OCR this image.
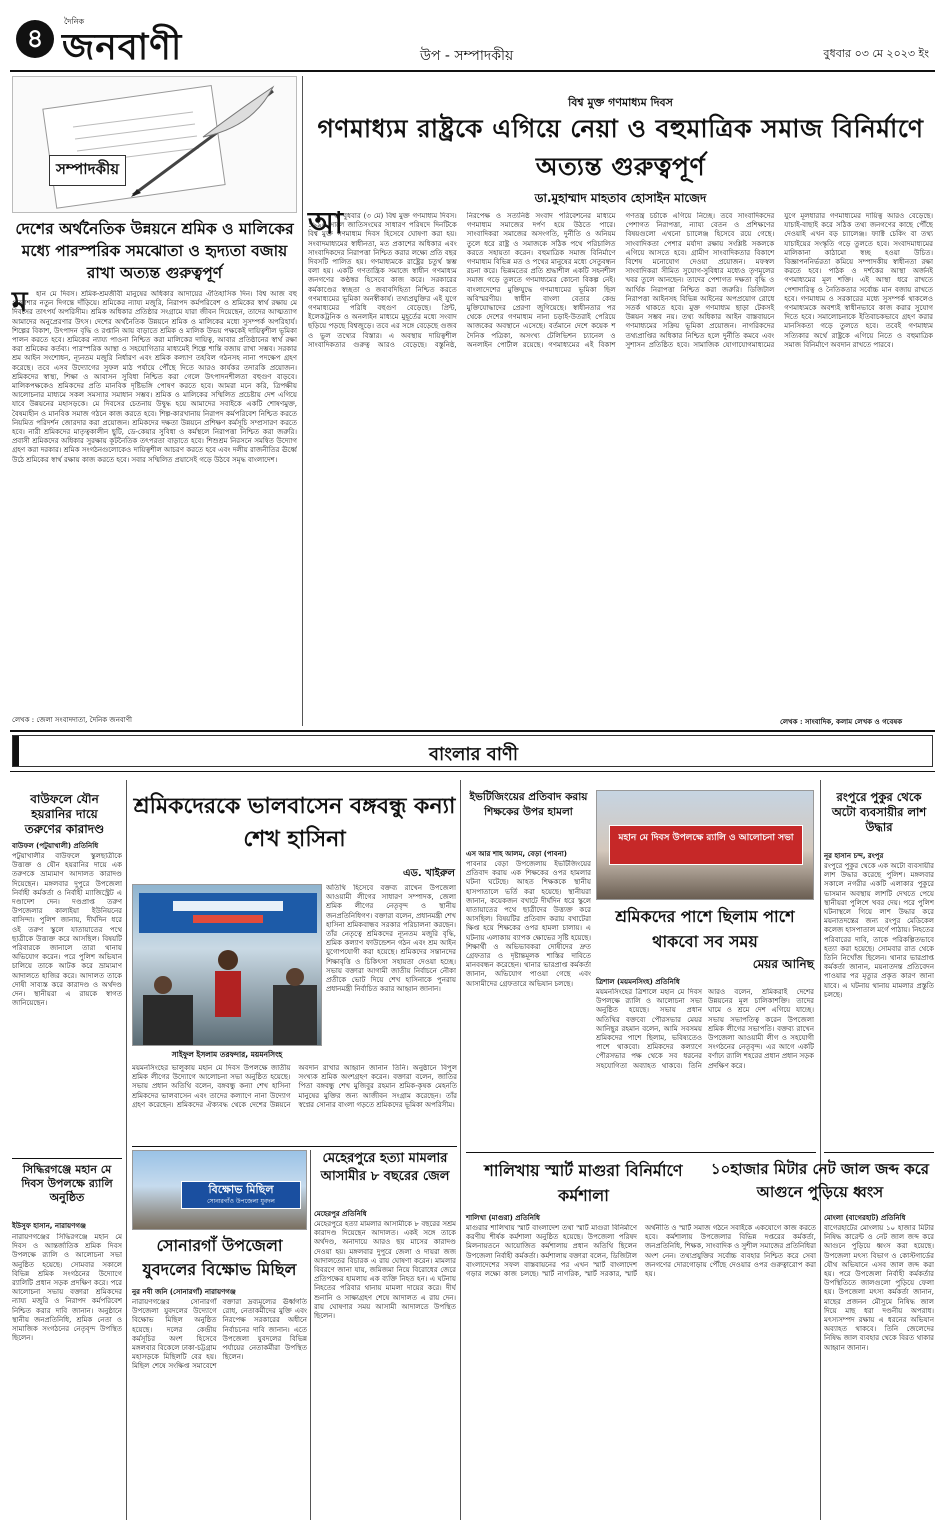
৪
দৈনিক
জনবাণী	উপ - সম্পাদকীয়	বুধবার ০৩ মে ২০২৩ ইং
সম্পাদকীয়
দেশের অর্থনৈতিক উন্নয়নে শ্রমিক ও মালিকের মধ্যে পারস্পরিক সমঝোতা ও হৃদ্যতা বজায় রাখা অত্যন্ত গুরুত্বপূর্ণ
ম	হান মে দিবস। শ্রমিক-শ্রমজীবী মানুষের অধিকার আদায়ের ঐতিহাসিক দিন। বিশ্ব আজ বহু প্রত্যাশার নতুন দিগন্তে দাঁড়িয়ে। শ্রমিকের ন্যায্য মজুরি, নিরাপদ কর্মপরিবেশ ও শ্রমিকের স্বার্থ রক্ষায় মে দিবসের তাৎপর্য অপরিসীম। শ্রমিক অধিকার প্রতিষ্ঠার সংগ্রামে যারা জীবন দিয়েছেন, তাদের আত্মত্যাগ আমাদের অনুপ্রেরণার উৎস। দেশের অর্থনৈতিক উন্নয়নে শ্রমিক ও মালিকের মধ্যে সুসম্পর্ক অপরিহার্য। শিল্পের বিকাশ, উৎপাদন বৃদ্ধি ও রপ্তানি আয় বাড়াতে শ্রমিক ও মালিক উভয় পক্ষকেই দায়িত্বশীল ভূমিকা পালন করতে হবে। শ্রমিকের ন্যায্য পাওনা নিশ্চিত করা মালিকের দায়িত্ব, আবার প্রতিষ্ঠানের স্বার্থ রক্ষা করা শ্রমিকের কর্তব্য। পারস্পরিক আস্থা ও সহযোগিতার মাধ্যমেই শিল্পে শান্তি বজায় রাখা সম্ভব। সরকার শ্রম আইন সংশোধন, ন্যূনতম মজুরি নির্ধারণ এবং শ্রমিক কল্যাণ তহবিল গঠনসহ নানা পদক্ষেপ গ্রহণ করেছে। তবে এসব উদ্যোগের সুফল মাঠ পর্যায়ে পৌঁছে দিতে আরও কার্যকর তদারকি প্রয়োজন। শ্রমিকদের স্বাস্থ্য, শিক্ষা ও আবাসন সুবিধা নিশ্চিত করা গেলে উৎপাদনশীলতা বহুগুণ বাড়বে। মালিকপক্ষকেও শ্রমিকদের প্রতি মানবিক দৃষ্টিভঙ্গি পোষণ করতে হবে। আমরা মনে করি, ত্রিপক্ষীয় আলোচনার মাধ্যমে সকল সমস্যার সমাধান সম্ভব। শ্রমিক ও মালিকের সম্মিলিত প্রচেষ্টায় দেশ এগিয়ে যাবে উন্নয়নের মহাসড়কে। মে দিবসের চেতনায় উদ্বুদ্ধ হয়ে আমাদের সবাইকে একটি শোষণমুক্ত, বৈষম্যহীন ও মানবিক সমাজ গঠনে কাজ করতে হবে। শিল্প-কারখানায় নিরাপদ কর্মপরিবেশ নিশ্চিত করতে নিয়মিত পরিদর্শন জোরদার করা প্রয়োজন। শ্রমিকদের দক্ষতা উন্নয়নে প্রশিক্ষণ কর্মসূচি সম্প্রসারণ করতে হবে। নারী শ্রমিকদের মাতৃত্বকালীন ছুটি, ডে-কেয়ার সুবিধা ও কর্মস্থলে নিরাপত্তা নিশ্চিত করা জরুরি। প্রবাসী শ্রমিকদের অধিকার সুরক্ষায় কূটনৈতিক তৎপরতা বাড়াতে হবে। শিশুশ্রম নিরসনে সমন্বিত উদ্যোগ গ্রহণ করা দরকার। শ্রমিক সংগঠনগুলোকেও দায়িত্বশীল আচরণ করতে হবে এবং দলীয় রাজনীতির ঊর্ধ্বে উঠে শ্রমিকের স্বার্থ রক্ষায় কাজ করতে হবে। সবার সম্মিলিত প্রয়াসেই গড়ে উঠবে সমৃদ্ধ বাংলাদেশ।
লেখক : জেলা সংবাদদাতা, দৈনিক জনবাণী
বিশ্ব মুক্ত গণমাধ্যম দিবস
গণমাধ্যম রাষ্ট্রকে এগিয়ে নেয়া ও বহুমাত্রিক সমাজ বিনির্মাণে অত্যন্ত গুরুত্বপূর্ণ
ডা.মুহাম্মাদ মাহতাব হোসাইন মাজেদ
আ
জ বুধবার (৩ মে) বিশ্ব মুক্ত গণমাধ্যম দিবস। ১৯৯৩ সালে জাতিসংঘের সাধারণ পরিষদে দিনটিকে বিশ্ব মুক্ত গণমাধ্যম দিবস হিসেবে ঘোষণা করা হয়। সংবাদমাধ্যমের স্বাধীনতা, মত প্রকাশের অধিকার এবং সাংবাদিকদের নিরাপত্তা নিশ্চিত করার লক্ষ্যে প্রতি বছর দিবসটি পালিত হয়। গণমাধ্যমকে রাষ্ট্রের চতুর্থ স্তম্ভ বলা হয়। একটি গণতান্ত্রিক সমাজে স্বাধীন গণমাধ্যম জনগণের কণ্ঠস্বর হিসেবে কাজ করে। সরকারের কর্মকাণ্ডের স্বচ্ছতা ও জবাবদিহিতা নিশ্চিত করতে গণমাধ্যমের ভূমিকা অনস্বীকার্য। তথ্যপ্রযুক্তির এই যুগে গণমাধ্যমের পরিধি বহুগুণ বেড়েছে। প্রিন্ট, ইলেকট্রনিক ও অনলাইন মাধ্যমে মুহূর্তের মধ্যে সংবাদ ছড়িয়ে পড়ছে বিশ্বজুড়ে। তবে এর সঙ্গে বেড়েছে গুজব ও ভুল তথ্যের বিস্তার। এ অবস্থায় দায়িত্বশীল সাংবাদিকতার গুরুত্ব আরও বেড়েছে। বস্তুনিষ্ঠ, নিরপেক্ষ ও সত্যনিষ্ঠ সংবাদ পরিবেশনের মাধ্যমে গণমাধ্যম সমাজের দর্পণ হয়ে উঠতে পারে। সাংবাদিকরা সমাজের অসংগতি, দুর্নীতি ও অনিয়ম তুলে ধরে রাষ্ট্র ও সমাজকে সঠিক পথে পরিচালিত করতে সহায়তা করেন। বহুমাত্রিক সমাজ বিনির্মাণে গণমাধ্যম বিভিন্ন মত ও পথের মানুষের মধ্যে সেতুবন্ধন রচনা করে। ভিন্নমতের প্রতি শ্রদ্ধাশীল একটি সহনশীল সমাজ গড়ে তুলতে গণমাধ্যমের কোনো বিকল্প নেই। বাংলাদেশের মুক্তিযুদ্ধে গণমাধ্যমের ভূমিকা ছিল অবিস্মরণীয়। স্বাধীন বাংলা বেতার কেন্দ্র মুক্তিযোদ্ধাদের প্রেরণা জুগিয়েছে। স্বাধীনতার পর থেকে দেশের গণমাধ্যম নানা চড়াই-উতরাই পেরিয়ে আজকের অবস্থানে এসেছে। বর্তমানে দেশে কয়েক শ দৈনিক পত্রিকা, অসংখ্য টেলিভিশন চ্যানেল ও অনলাইন পোর্টাল রয়েছে। গণমাধ্যমের এই বিকাশ গণতন্ত্র চর্চাকে এগিয়ে নিচ্ছে। তবে সাংবাদিকদের পেশাগত নিরাপত্তা, ন্যায্য বেতন ও প্রশিক্ষণের বিষয়গুলো এখনো চ্যালেঞ্জ হিসেবে রয়ে গেছে। সাংবাদিকতা পেশার মর্যাদা রক্ষায় সংশ্লিষ্ট সকলকে এগিয়ে আসতে হবে। গ্রামীণ সাংবাদিকতার বিকাশে বিশেষ মনোযোগ দেওয়া প্রয়োজন। মফস্বল সাংবাদিকরা সীমিত সুযোগ-সুবিধার মধ্যেও তৃণমূলের খবর তুলে আনছেন। তাদের পেশাগত দক্ষতা বৃদ্ধি ও আর্থিক নিরাপত্তা নিশ্চিত করা জরুরি। ডিজিটাল নিরাপত্তা আইনসহ বিভিন্ন আইনের অপপ্রয়োগ রোধে সতর্ক থাকতে হবে। মুক্ত গণমাধ্যম ছাড়া টেকসই উন্নয়ন সম্ভব নয়। তথ্য অধিকার আইন বাস্তবায়নে গণমাধ্যমের সক্রিয় ভূমিকা প্রয়োজন। নাগরিকদের তথ্যপ্রাপ্তির অধিকার নিশ্চিত হলে দুর্নীতি কমবে এবং সুশাসন প্রতিষ্ঠিত হবে। সামাজিক যোগাযোগমাধ্যমের যুগে মূলধারার গণমাধ্যমের দায়িত্ব আরও বেড়েছে। যাচাই-বাছাই করে সঠিক তথ্য জনগণের কাছে পৌঁছে দেওয়াই এখন বড় চ্যালেঞ্জ। ফ্যাক্ট চেকিং বা তথ্য যাচাইয়ের সংস্কৃতি গড়ে তুলতে হবে। সংবাদমাধ্যমের মালিকানা কাঠামো স্বচ্ছ হওয়া উচিত। বিজ্ঞাপননির্ভরতা কমিয়ে সম্পাদকীয় স্বাধীনতা রক্ষা করতে হবে। পাঠক ও দর্শকের আস্থা অর্জনই গণমাধ্যমের মূল শক্তি। এই আস্থা ধরে রাখতে পেশাদারিত্ব ও নৈতিকতার সর্বোচ্চ মান বজায় রাখতে হবে। গণমাধ্যম ও সরকারের মধ্যে সুসম্পর্ক থাকলেও গণমাধ্যমকে অবশ্যই স্বাধীনভাবে কাজ করার সুযোগ দিতে হবে। সমালোচনাকে ইতিবাচকভাবে গ্রহণ করার মানসিকতা গড়ে তুলতে হবে। তবেই গণমাধ্যম সত্যিকার অর্থে রাষ্ট্রকে এগিয়ে নিতে ও বহুমাত্রিক সমাজ বিনির্মাণে অবদান রাখতে পারবে।
লেখক : সাংবাদিক, কলাম লেখক ও গবেষক
বাংলার বাণী
বাউফলে যৌন হয়রানির দায়ে তরুণের কারাদণ্ড
বাউফল (পটুয়াখালী) প্রতিনিধি
পটুয়াখালীর বাউফলে স্কুলছাত্রীকে উত্ত্যক্ত ও যৌন হয়রানির দায়ে এক তরুণকে ভ্রাম্যমাণ আদালত কারাদণ্ড দিয়েছেন। মঙ্গলবার দুপুরে উপজেলা নির্বাহী কর্মকর্তা ও নির্বাহী ম্যাজিস্ট্রেট এ দণ্ডাদেশ দেন। দণ্ডপ্রাপ্ত তরুণ উপজেলার কালাইয়া ইউনিয়নের বাসিন্দা। পুলিশ জানায়, দীর্ঘদিন ধরে ওই তরুণ স্কুলে যাতায়াতের পথে ছাত্রীকে উত্ত্যক্ত করে আসছিল। বিষয়টি পরিবারকে জানালে তারা থানায় অভিযোগ করেন। পরে পুলিশ অভিযান চালিয়ে তাকে আটক করে ভ্রাম্যমাণ আদালতে হাজির করে। আদালত তাকে দোষী সাব্যস্ত করে কারাদণ্ড ও অর্থদণ্ড দেন। স্থানীয়রা এ রায়কে স্বাগত জানিয়েছেন।
সিদ্ধিরগঞ্জে মহান মে দিবস উপলক্ষে র‍্যালি অনুষ্ঠিত
ইউসুফ হাসান, নারায়ণগঞ্জ
নারায়ণগঞ্জের সিদ্ধিরগঞ্জে মহান মে দিবস ও আন্তর্জাতিক শ্রমিক দিবস উপলক্ষে র‍্যালি ও আলোচনা সভা অনুষ্ঠিত হয়েছে। সোমবার সকালে বিভিন্ন শ্রমিক সংগঠনের উদ্যোগে র‍্যালিটি প্রধান সড়ক প্রদক্ষিণ করে। পরে আলোচনা সভায় বক্তারা শ্রমিকদের ন্যায্য মজুরি ও নিরাপদ কর্মপরিবেশ নিশ্চিত করার দাবি জানান। অনুষ্ঠানে স্থানীয় জনপ্রতিনিধি, শ্রমিক নেতা ও সামাজিক সংগঠনের নেতৃবৃন্দ উপস্থিত ছিলেন।
শ্রমিকদেরকে ভালবাসেন বঙ্গবন্ধু কন্যা শেখ হাসিনা
এড. খাইরুল
সাইফুল ইসলাম তরফদার, ময়মনসিংহ
অতিথি হিসেবে বক্তব্য রাখেন উপজেলা আওয়ামী লীগের সাধারণ সম্পাদক, জেলা শ্রমিক লীগের নেতৃবৃন্দ ও স্থানীয় জনপ্রতিনিধিগণ। বক্তারা বলেন, প্রধানমন্ত্রী শেখ হাসিনা শ্রমিকবান্ধব সরকার পরিচালনা করছেন। তাঁর নেতৃত্বে শ্রমিকদের ন্যূনতম মজুরি বৃদ্ধি, শ্রমিক কল্যাণ ফাউন্ডেশন গঠন এবং শ্রম আইন যুগোপযোগী করা হয়েছে। শ্রমিকদের সন্তানদের শিক্ষাবৃত্তি ও চিকিৎসা সহায়তা দেওয়া হচ্ছে। সভায় বক্তারা আগামী জাতীয় নির্বাচনে নৌকা প্রতীকে ভোট দিয়ে শেখ হাসিনাকে পুনরায় প্রধানমন্ত্রী নির্বাচিত করার আহ্বান জানান।
ময়মনসিংহের ভালুকায় মহান মে দিবস উপলক্ষে জাতীয় শ্রমিক লীগের উদ্যোগে আলোচনা সভা অনুষ্ঠিত হয়েছে। সভায় প্রধান অতিথি বলেন, বঙ্গবন্ধু কন্যা শেখ হাসিনা শ্রমিকদের ভালবাসেন এবং তাদের কল্যাণে নানা উদ্যোগ গ্রহণ করেছেন। শ্রমিকদের ঐক্যবদ্ধ থেকে দেশের উন্নয়নে অবদান রাখার আহ্বান জানান তিনি। অনুষ্ঠানে বিপুল সংখ্যক শ্রমিক অংশগ্রহণ করেন। বক্তারা বলেন, জাতির পিতা বঙ্গবন্ধু শেখ মুজিবুর রহমান শ্রমিক-কৃষক মেহনতি মানুষের মুক্তির জন্য আজীবন সংগ্রাম করেছেন। তাঁর স্বপ্নের সোনার বাংলা গড়তে শ্রমিকদের ভূমিকা অপরিসীম।
বিক্ষোভ মিছিল
সোনারগাঁও উপজেলা যুবদল
সোনারগাঁ উপজেলা যুবদলের বিক্ষোভ মিছিল
নুর নবী জনি (সোনারগাঁ) নারায়ণগঞ্জ
নারায়ণগঞ্জের সোনারগাঁ উপজেলা যুবদলের উদ্যোগে বিক্ষোভ মিছিল অনুষ্ঠিত হয়েছে। দলের কেন্দ্রীয় কর্মসূচির অংশ হিসেবে মঙ্গলবার বিকেলে ঢাকা-চট্টগ্রাম মহাসড়কে মিছিলটি বের হয়। মিছিল শেষে সংক্ষিপ্ত সমাবেশে বক্তারা দ্রব্যমূল্যের ঊর্ধ্বগতি রোধ, নেতাকর্মীদের মুক্তি এবং নিরপেক্ষ সরকারের অধীনে নির্বাচনের দাবি জানান। এতে উপজেলা যুবদলের বিভিন্ন পর্যায়ের নেতাকর্মীরা উপস্থিত ছিলেন।
মেহেরপুরে হত্যা মামলার আসামীর ৮ বছরের জেল
মেহেরপুর প্রতিনিধি
মেহেরপুরে হত্যা মামলার আসামীকে ৮ বছরের সশ্রম কারাদণ্ড দিয়েছেন আদালত। একই সঙ্গে তাকে অর্থদণ্ড, অনাদায়ে আরও ছয় মাসের কারাদণ্ড দেওয়া হয়। মঙ্গলবার দুপুরে জেলা ও দায়রা জজ আদালতের বিচারক এ রায় ঘোষণা করেন। মামলার বিবরণে জানা যায়, জমিজমা নিয়ে বিরোধের জেরে প্রতিপক্ষের হামলায় এক ব্যক্তি নিহত হন। এ ঘটনায় নিহতের পরিবার থানায় মামলা দায়ের করে। দীর্ঘ শুনানি ও সাক্ষ্যগ্রহণ শেষে আদালত এ রায় দেন। রায় ঘোষণার সময় আসামী আদালতে উপস্থিত ছিলেন।
ইভটিজিংয়ের প্রতিবাদ করায় শিক্ষকের উপর হামলা
এস আর শাহ আলম, বেড়া (পাবনা)
পাবনার বেড়া উপজেলায় ইভটিজিংয়ের প্রতিবাদ করায় এক শিক্ষকের ওপর হামলার ঘটনা ঘটেছে। আহত শিক্ষককে স্থানীয় হাসপাতালে ভর্তি করা হয়েছে। স্থানীয়রা জানান, কয়েকজন বখাটে দীর্ঘদিন ধরে স্কুলে যাতায়াতের পথে ছাত্রীদের উত্ত্যক্ত করে আসছিল। বিষয়টির প্রতিবাদ করায় বখাটেরা ক্ষিপ্ত হয়ে শিক্ষকের ওপর হামলা চালায়। এ ঘটনায় এলাকায় ব্যাপক ক্ষোভের সৃষ্টি হয়েছে। শিক্ষার্থী ও অভিভাবকরা দোষীদের দ্রুত গ্রেফতার ও দৃষ্টান্তমূলক শাস্তির দাবিতে মানববন্ধন করেছেন। থানার ভারপ্রাপ্ত কর্মকর্তা জানান, অভিযোগ পাওয়া গেছে এবং আসামীদের গ্রেফতারে অভিযান চলছে।
মহান মে দিবস উপলক্ষে র‍্যালি ও আলোচনা সভা
শ্রমিকদের পাশে ছিলাম পাশে থাকবো সব সময়
মেয়র আনিছ
ত্রিশাল (ময়মনসিংহ) প্রতিনিধি
ময়মনসিংহের ত্রিশালে মহান মে দিবস উপলক্ষে র‍্যালি ও আলোচনা সভা অনুষ্ঠিত হয়েছে। সভায় প্রধান অতিথির বক্তব্যে পৌরসভার মেয়র আনিছুর রহমান বলেন, আমি সবসময় শ্রমিকদের পাশে ছিলাম, ভবিষ্যতেও পাশে থাকবো। শ্রমিকদের কল্যাণে পৌরসভার পক্ষ থেকে সব ধরনের সহযোগিতা অব্যাহত থাকবে। তিনি আরও বলেন, শ্রমিকরাই দেশের উন্নয়নের মূল চালিকাশক্তি। তাদের ঘামে ও শ্রমে দেশ এগিয়ে যাচ্ছে। সভায় সভাপতিত্ব করেন উপজেলা শ্রমিক লীগের সভাপতি। বক্তব্য রাখেন উপজেলা আওয়ামী লীগ ও সহযোগী সংগঠনের নেতৃবৃন্দ। এর আগে একটি বর্ণাঢ্য র‍্যালি শহরের প্রধান প্রধান সড়ক প্রদক্ষিণ করে।
শালিখায় স্মার্ট মাগুরা বিনির্মাণে কর্মশালা
শালিখা (মাগুরা) প্রতিনিধি
মাগুরার শালিখায় স্মার্ট বাংলাদেশ তথা স্মার্ট মাগুরা বিনির্মাণে করণীয় শীর্ষক কর্মশালা অনুষ্ঠিত হয়েছে। উপজেলা পরিষদ মিলনায়তনে আয়োজিত কর্মশালায় প্রধান অতিথি ছিলেন উপজেলা নির্বাহী কর্মকর্তা। কর্মশালায় বক্তারা বলেন, ডিজিটাল বাংলাদেশের সফল বাস্তবায়নের পর এখন স্মার্ট বাংলাদেশ গড়ার লক্ষ্যে কাজ চলছে। স্মার্ট নাগরিক, স্মার্ট সরকার, স্মার্ট অর্থনীতি ও স্মার্ট সমাজ গঠনে সবাইকে একযোগে কাজ করতে হবে। কর্মশালায় উপজেলার বিভিন্ন দপ্তরের কর্মকর্তা, জনপ্রতিনিধি, শিক্ষক, সাংবাদিক ও সুশীল সমাজের প্রতিনিধিরা অংশ নেন। তথ্যপ্রযুক্তির সর্বোচ্চ ব্যবহার নিশ্চিত করে সেবা জনগণের দোরগোড়ায় পৌঁছে দেওয়ার ওপর গুরুত্বারোপ করা হয়।
রংপুরে পুকুর থেকে অটো ব্যবসায়ীর লাশ উদ্ধার
নূর হাসান চন্দ, রংপুর
রংপুরে পুকুর থেকে এক অটো ব্যবসায়ীর লাশ উদ্ধার করেছে পুলিশ। মঙ্গলবার সকালে নগরীর একটি এলাকার পুকুরে ভাসমান অবস্থায় লাশটি দেখতে পেয়ে স্থানীয়রা পুলিশে খবর দেয়। পরে পুলিশ ঘটনাস্থলে গিয়ে লাশ উদ্ধার করে ময়নাতদন্তের জন্য রংপুর মেডিকেল কলেজ হাসপাতাল মর্গে পাঠায়। নিহতের পরিবারের দাবি, তাকে পরিকল্পিতভাবে হত্যা করা হয়েছে। সোমবার রাত থেকে তিনি নিখোঁজ ছিলেন। থানার ভারপ্রাপ্ত কর্মকর্তা জানান, ময়নাতদন্ত প্রতিবেদন পাওয়ার পর মৃত্যুর প্রকৃত কারণ জানা যাবে। এ ঘটনায় থানায় মামলার প্রস্তুতি চলছে।
১০হাজার মিটার নেট জাল জব্দ করে আগুনে পুড়িয়ে ধ্বংস
মোংলা (বাগেরহাট) প্রতিনিধি
বাগেরহাটের মোংলায় ১০ হাজার মিটার নিষিদ্ধ কারেন্ট ও নেট জাল জব্দ করে আগুনে পুড়িয়ে ধ্বংস করা হয়েছে। উপজেলা মৎস্য বিভাগ ও কোস্টগার্ডের যৌথ অভিযানে এসব জাল জব্দ করা হয়। পরে উপজেলা নির্বাহী কর্মকর্তার উপস্থিতিতে জালগুলো পুড়িয়ে ফেলা হয়। উপজেলা মৎস্য কর্মকর্তা জানান, মাছের প্রজনন মৌসুমে নিষিদ্ধ জাল দিয়ে মাছ ধরা দণ্ডনীয় অপরাধ। মৎস্যসম্পদ রক্ষায় এ ধরনের অভিযান অব্যাহত থাকবে। তিনি জেলেদের নিষিদ্ধ জাল ব্যবহার থেকে বিরত থাকার আহ্বান জানান।
